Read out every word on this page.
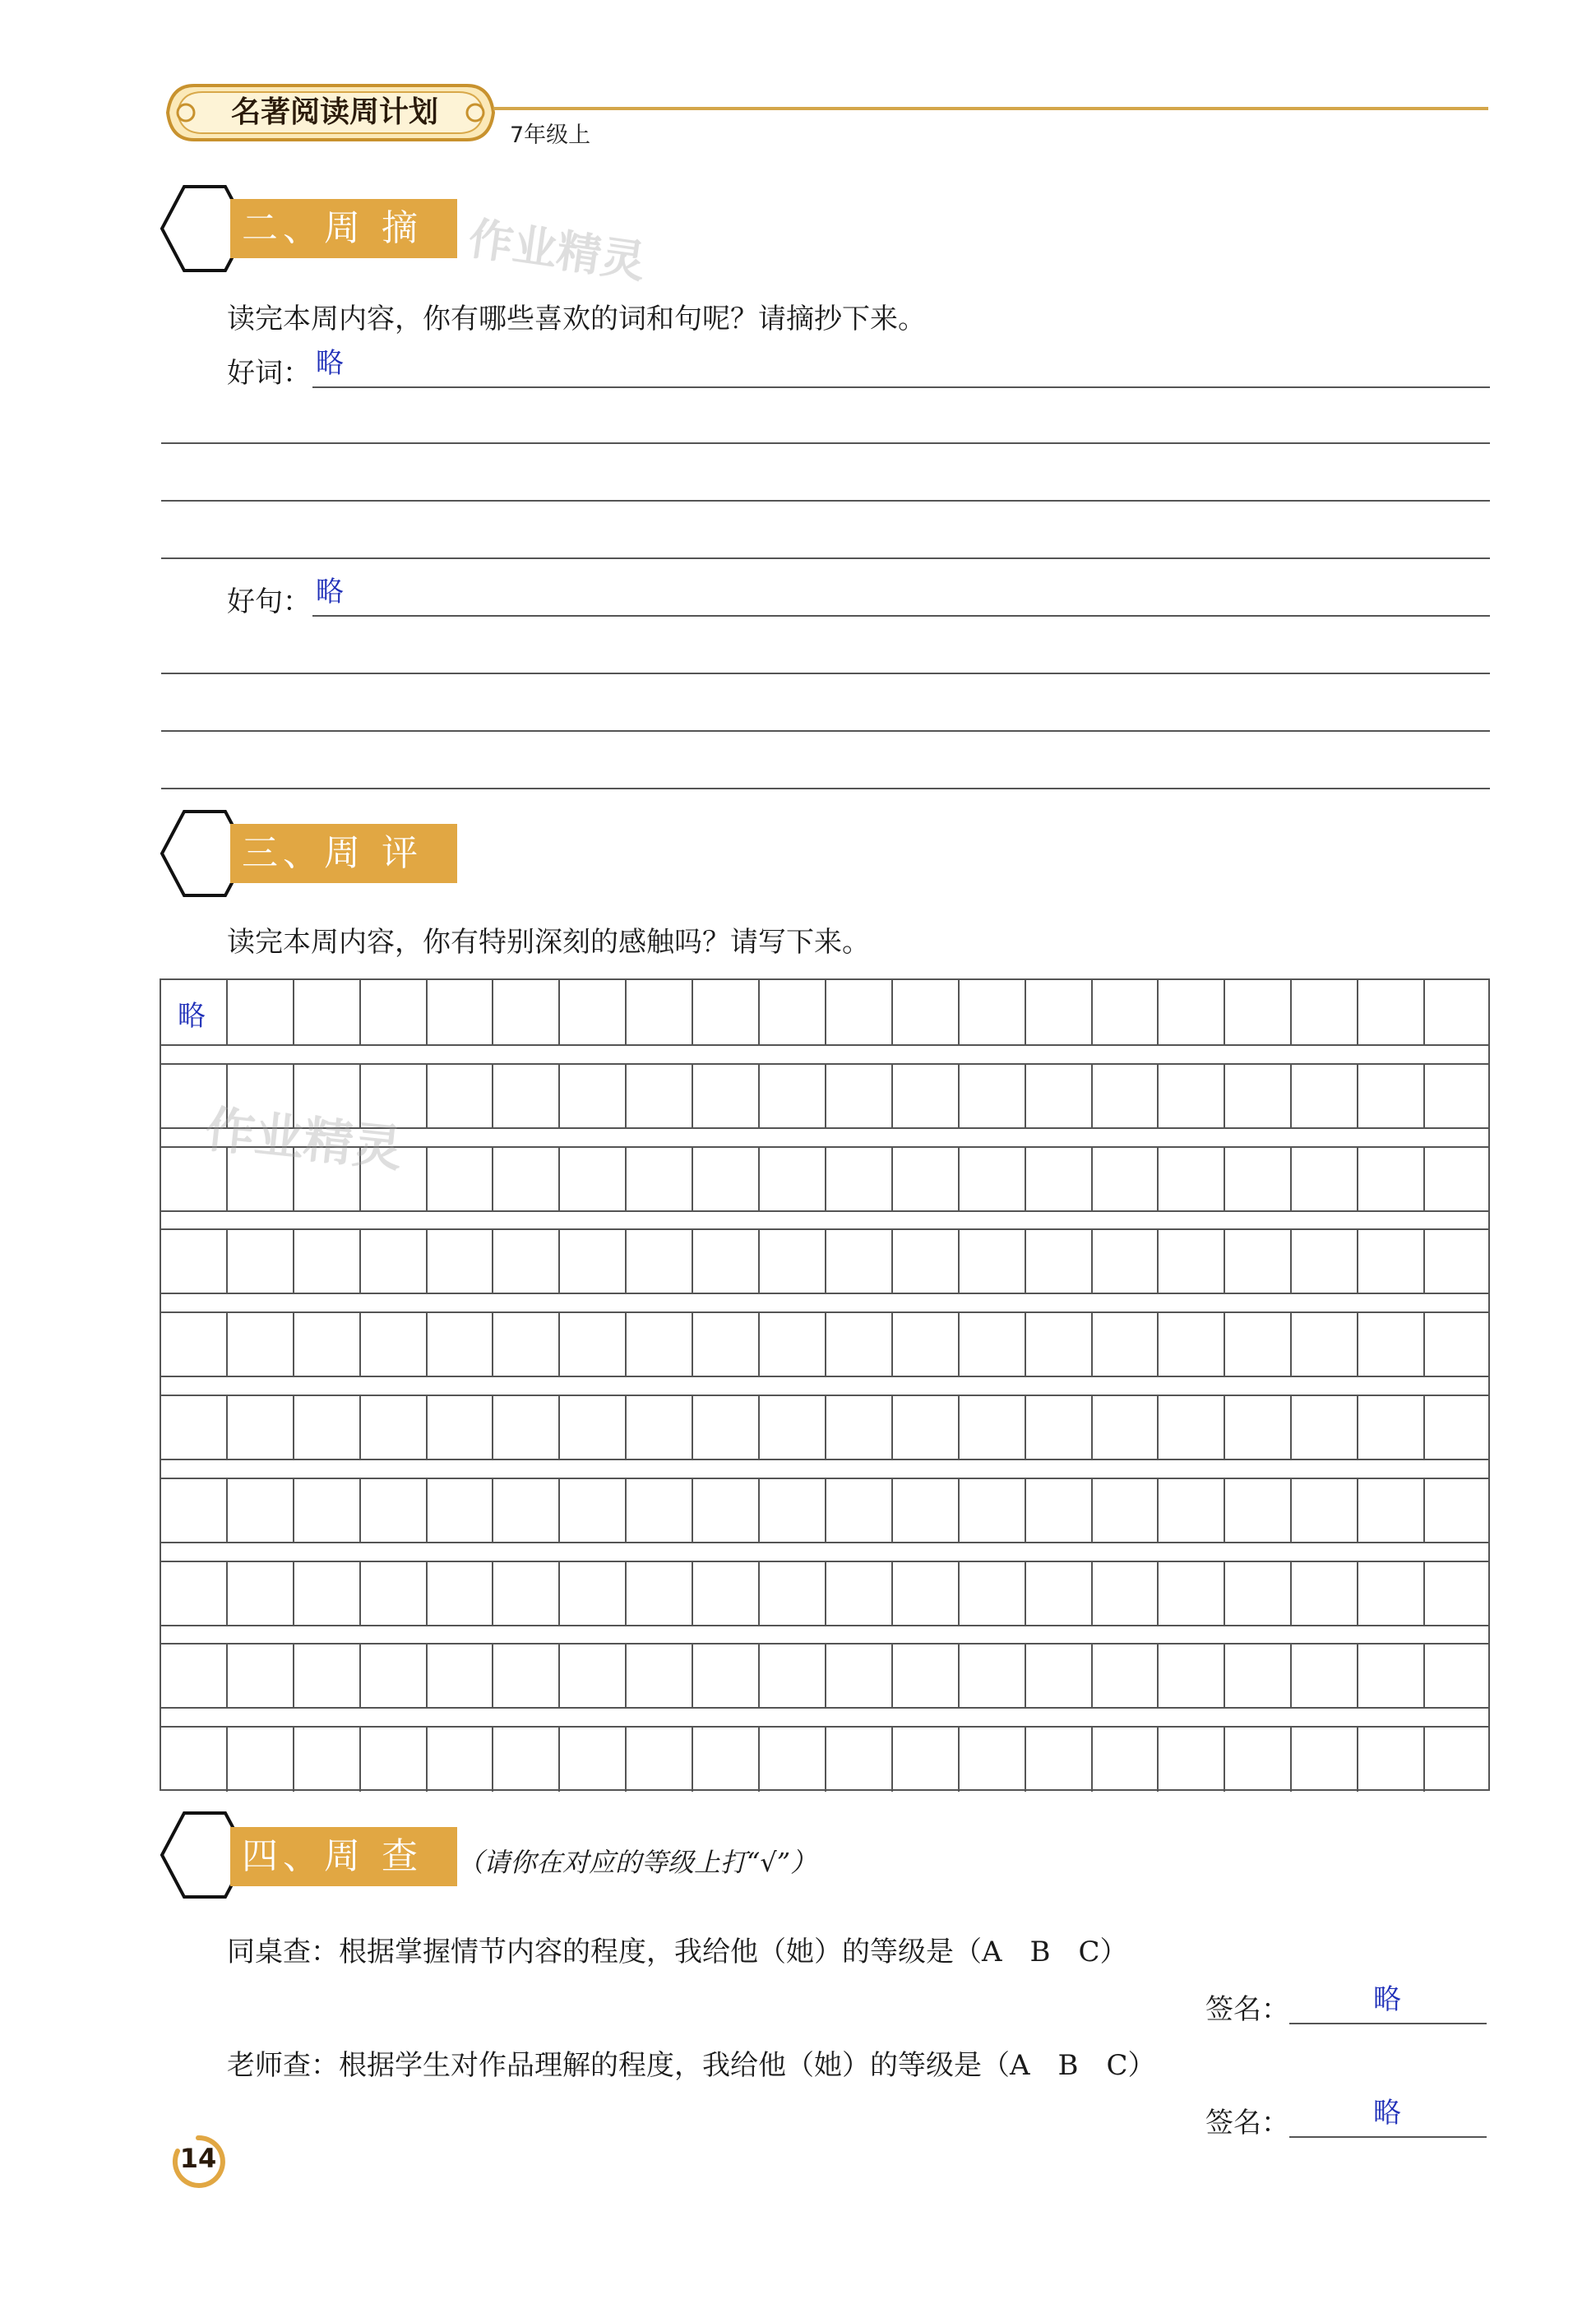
名著阅读周计划
7年级上
二、周 摘 作业精灵
读完本周内容，你有哪些喜欢的词和句呢？请摘抄下来。
好词： 略
好句： 略
三、周 评
读完本周内容，你有特别深刻的感触吗？请写下来。
略
作业精灵
四、周 查	（请你在对应的等级上打“√”）
同桌查：根据掌握情节内容的程度，我给他（她）的等级是（A　B　C）
签名：	略
老师查：根据学生对作品理解的程度，我给他（她）的等级是（A　B　C）
签名：	略
14
